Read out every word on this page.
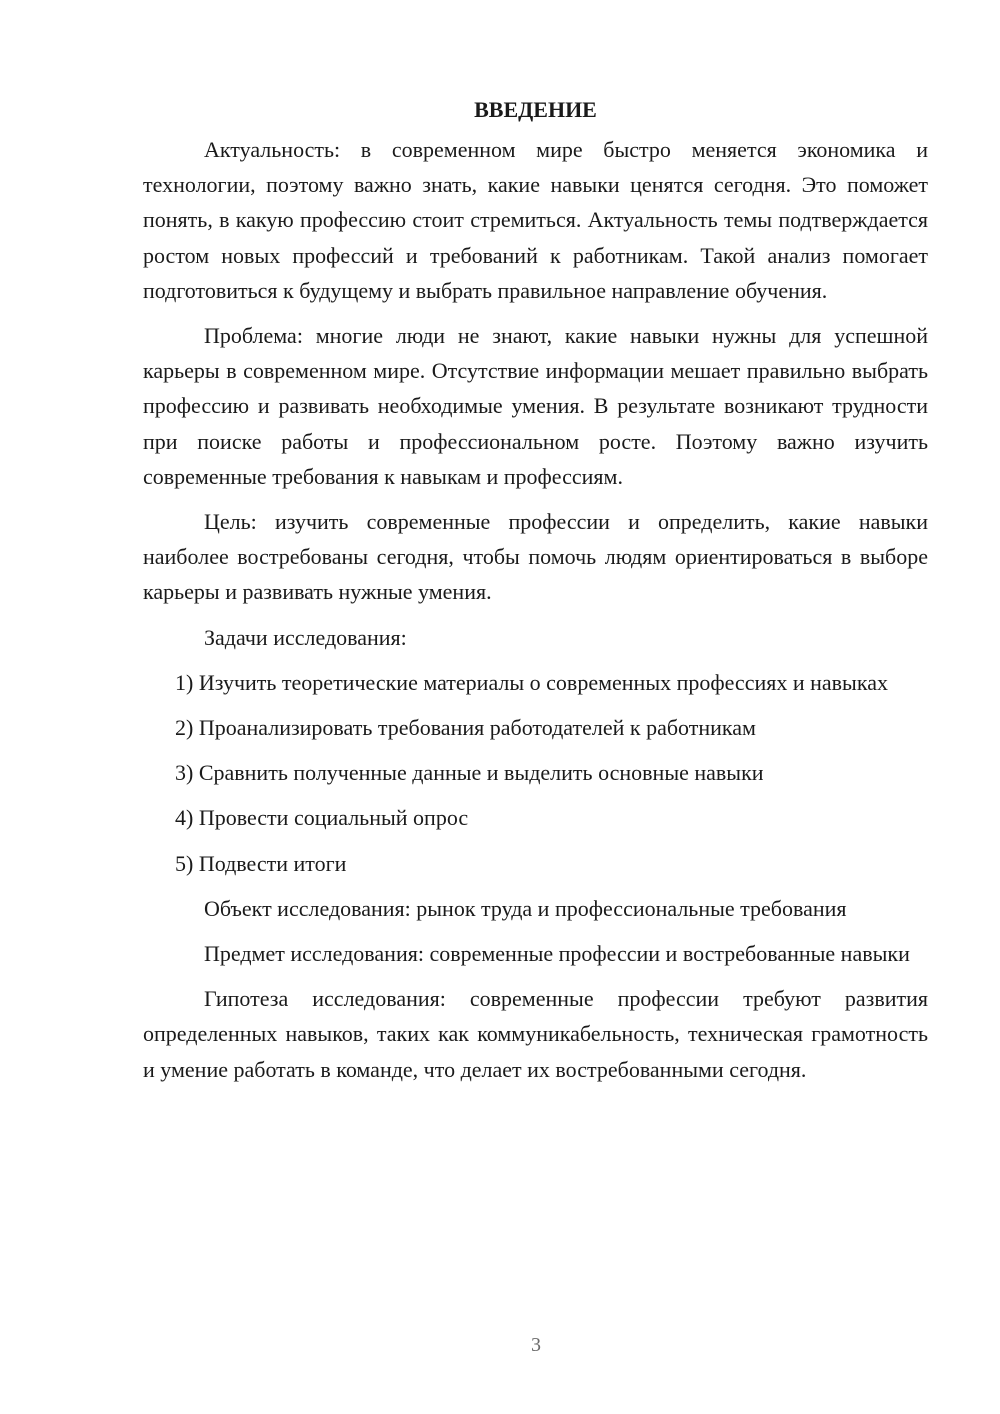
ВВЕДЕНИЕ

Актуальность: в современном мире быстро меняется экономика и технологии, поэтому важно знать, какие навыки ценятся сегодня. Это поможет понять, в какую профессию стоит стремиться. Актуальность темы подтверждается ростом новых профессий и требований к работникам. Такой анализ помогает подготовиться к будущему и выбрать правильное направление обучения.

Проблема: многие люди не знают, какие навыки нужны для успешной карьеры в современном мире. Отсутствие информации мешает правильно выбрать профессию и развивать необходимые умения. В результате возникают трудности при поиске работы и профессиональном росте. Поэтому важно изучить современные требования к навыкам и профессиям.

Цель: изучить современные профессии и определить, какие навыки наиболее востребованы сегодня, чтобы помочь людям ориентироваться в выборе карьеры и развивать нужные умения.

Задачи исследования:

1) Изучить теоретические материалы о современных профессиях и навыках

2) Проанализировать требования работодателей к работникам

3) Сравнить полученные данные и выделить основные навыки

4) Провести социальный опрос

5) Подвести итоги

Объект исследования: рынок труда и профессиональные требования

Предмет исследования: современные профессии и востребованные навыки

Гипотеза исследования: современные профессии требуют развития определенных навыков, таких как коммуникабельность, техническая грамотность и умение работать в команде, что делает их востребованными сегодня.

3
